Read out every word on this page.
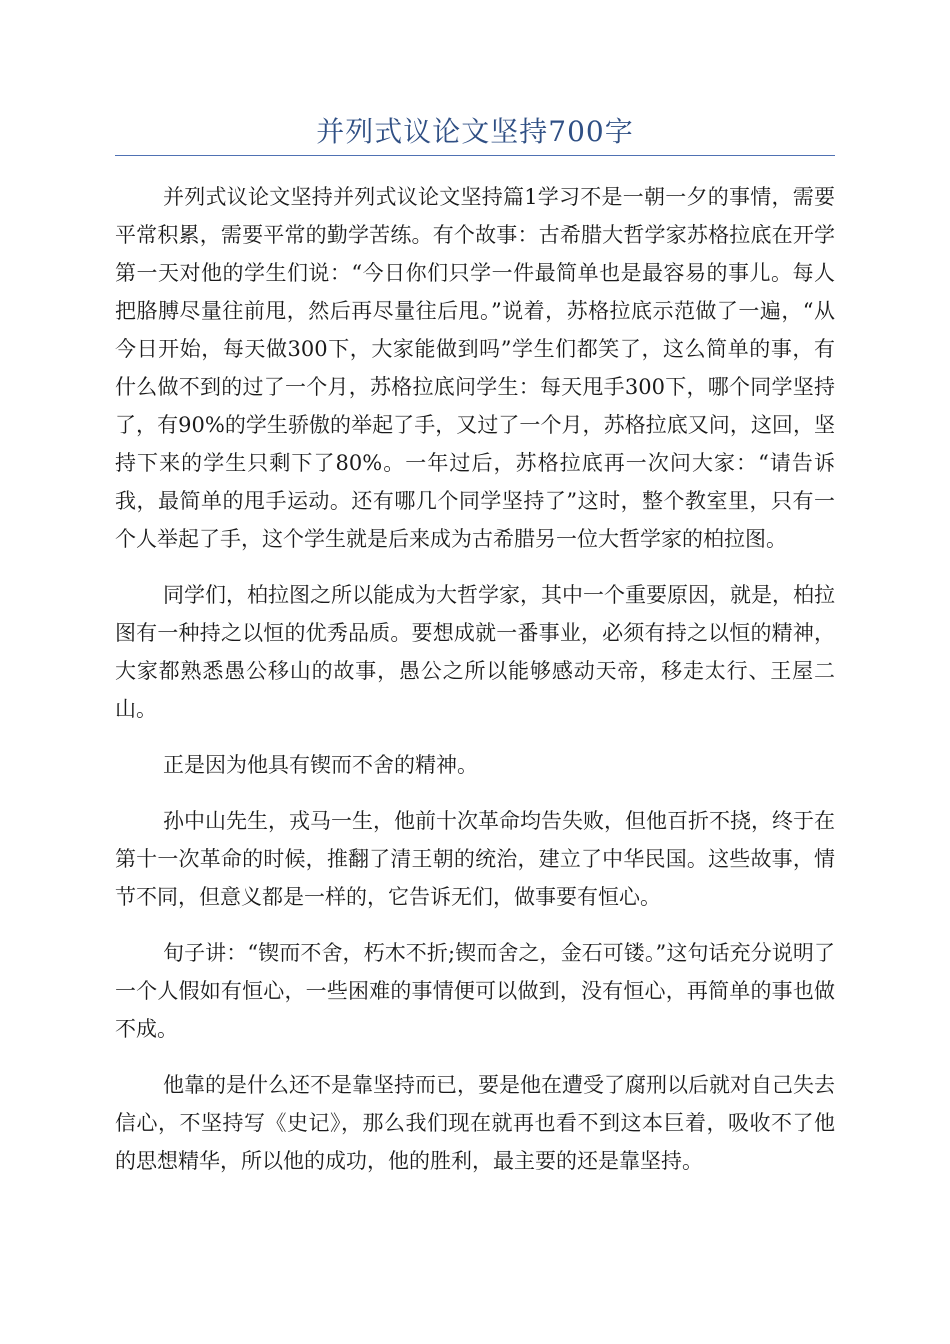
并列式议论文坚持700字

并列式议论文坚持并列式议论文坚持篇1学习不是一朝一夕的事情，需要平常积累，需要平常的勤学苦练。有个故事：古希腊大哲学家苏格拉底在开学第一天对他的学生们说：“今日你们只学一件最简单也是最容易的事儿。每人把胳膊尽量往前甩，然后再尽量往后甩。”说着，苏格拉底示范做了一遍，“从今日开始，每天做300下，大家能做到吗”学生们都笑了，这么简单的事，有什么做不到的过了一个月，苏格拉底问学生：每天甩手300下，哪个同学坚持了，有90%的学生骄傲的举起了手，又过了一个月，苏格拉底又问，这回，坚持下来的学生只剩下了80%。一年过后，苏格拉底再一次问大家：“请告诉我，最简单的甩手运动。还有哪几个同学坚持了”这时，整个教室里，只有一个人举起了手，这个学生就是后来成为古希腊另一位大哲学家的柏拉图。

同学们，柏拉图之所以能成为大哲学家，其中一个重要原因，就是，柏拉图有一种持之以恒的优秀品质。要想成就一番事业，必须有持之以恒的精神，大家都熟悉愚公移山的故事，愚公之所以能够感动天帝，移走太行、王屋二山。

正是因为他具有锲而不舍的精神。

孙中山先生，戎马一生，他前十次革命均告失败，但他百折不挠，终于在第十一次革命的时候，推翻了清王朝的统治，建立了中华民国。这些故事，情节不同，但意义都是一样的，它告诉无们，做事要有恒心。

旬子讲：“锲而不舍，朽木不折;锲而舍之，金石可镂。”这句话充分说明了一个人假如有恒心，一些困难的事情便可以做到，没有恒心，再简单的事也做不成。

他靠的是什么还不是靠坚持而已，要是他在遭受了腐刑以后就对自己失去信心，不坚持写《史记》，那么我们现在就再也看不到这本巨着，吸收不了他的思想精华，所以他的成功，他的胜利，最主要的还是靠坚持。
